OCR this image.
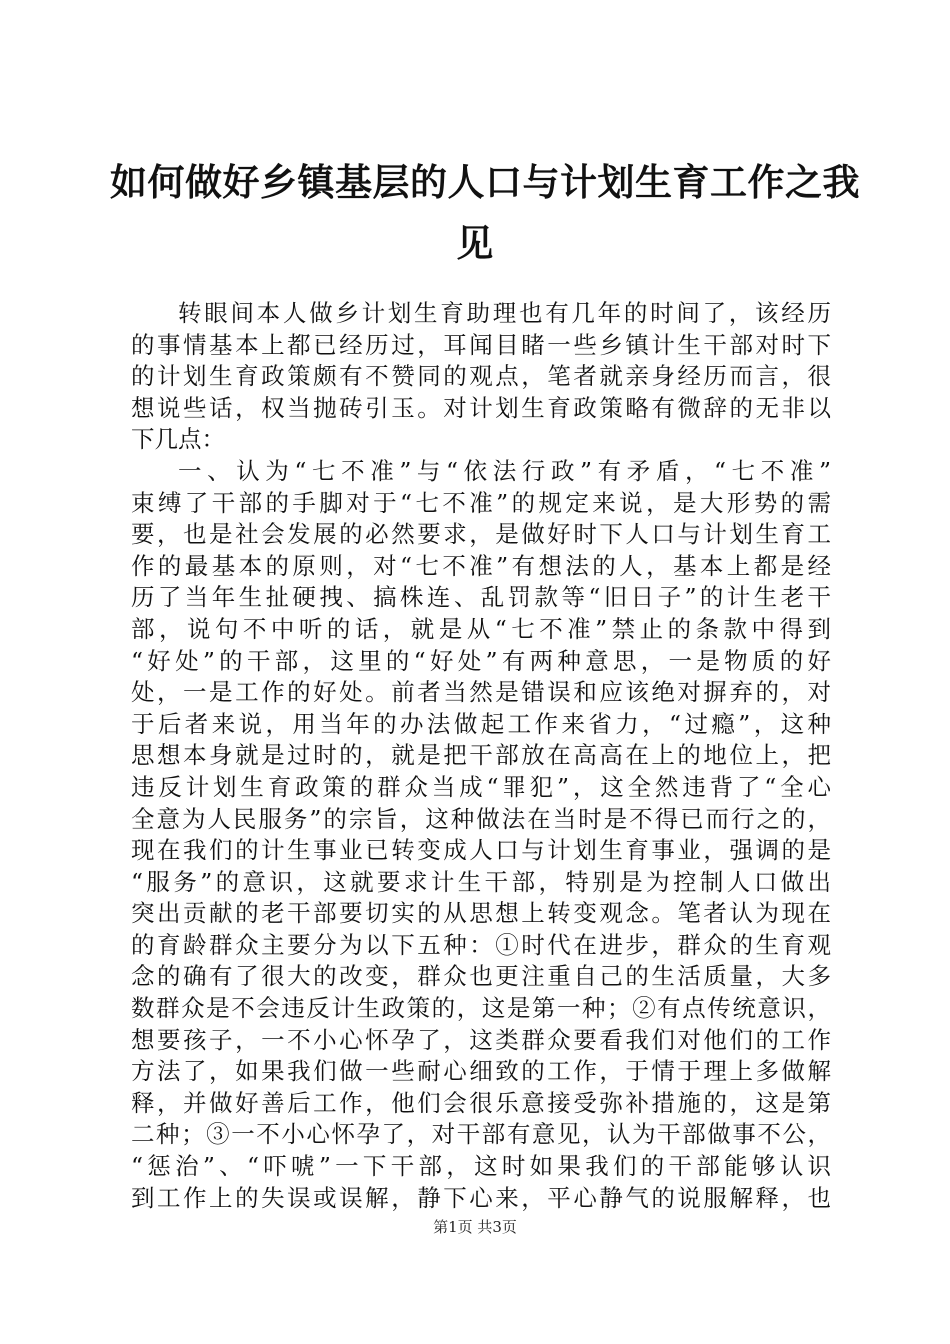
如何做好乡镇基层的人口与计划生育工作之我
见
转眼间本人做乡计划生育助理也有几年的时间了，该经历
的事情基本上都已经历过，耳闻目睹一些乡镇计生干部对时下
的计划生育政策颇有不赞同的观点，笔者就亲身经历而言，很
想说些话，权当抛砖引玉。对计划生育政策略有微辞的无非以
下几点：
一、认为“七不准”与“依法行政”有矛盾，“七不准”
束缚了干部的手脚对于“七不准”的规定来说，是大形势的需
要，也是社会发展的必然要求，是做好时下人口与计划生育工
作的最基本的原则，对“七不准”有想法的人，基本上都是经
历了当年生扯硬拽、搞株连、乱罚款等“旧日子”的计生老干
部，说句不中听的话，就是从“七不准”禁止的条款中得到
“好处”的干部，这里的“好处”有两种意思，一是物质的好
处，一是工作的好处。前者当然是错误和应该绝对摒弃的，对
于后者来说，用当年的办法做起工作来省力，“过瘾”，这种
思想本身就是过时的，就是把干部放在高高在上的地位上，把
违反计划生育政策的群众当成“罪犯”，这全然违背了“全心
全意为人民服务”的宗旨，这种做法在当时是不得已而行之的，
现在我们的计生事业已转变成人口与计划生育事业，强调的是
“服务”的意识，这就要求计生干部，特别是为控制人口做出
突出贡献的老干部要切实的从思想上转变观念。笔者认为现在
的育龄群众主要分为以下五种：①时代在进步，群众的生育观
念的确有了很大的改变，群众也更注重自己的生活质量，大多
数群众是不会违反计生政策的，这是第一种；②有点传统意识，
想要孩子，一不小心怀孕了，这类群众要看我们对他们的工作
方法了，如果我们做一些耐心细致的工作，于情于理上多做解
释，并做好善后工作，他们会很乐意接受弥补措施的，这是第
二种；③一不小心怀孕了，对干部有意见，认为干部做事不公，
“惩治”、“吓唬”一下干部，这时如果我们的干部能够认识
到工作上的失误或误解，静下心来，平心静气的说服解释，也
第1页 共3页
